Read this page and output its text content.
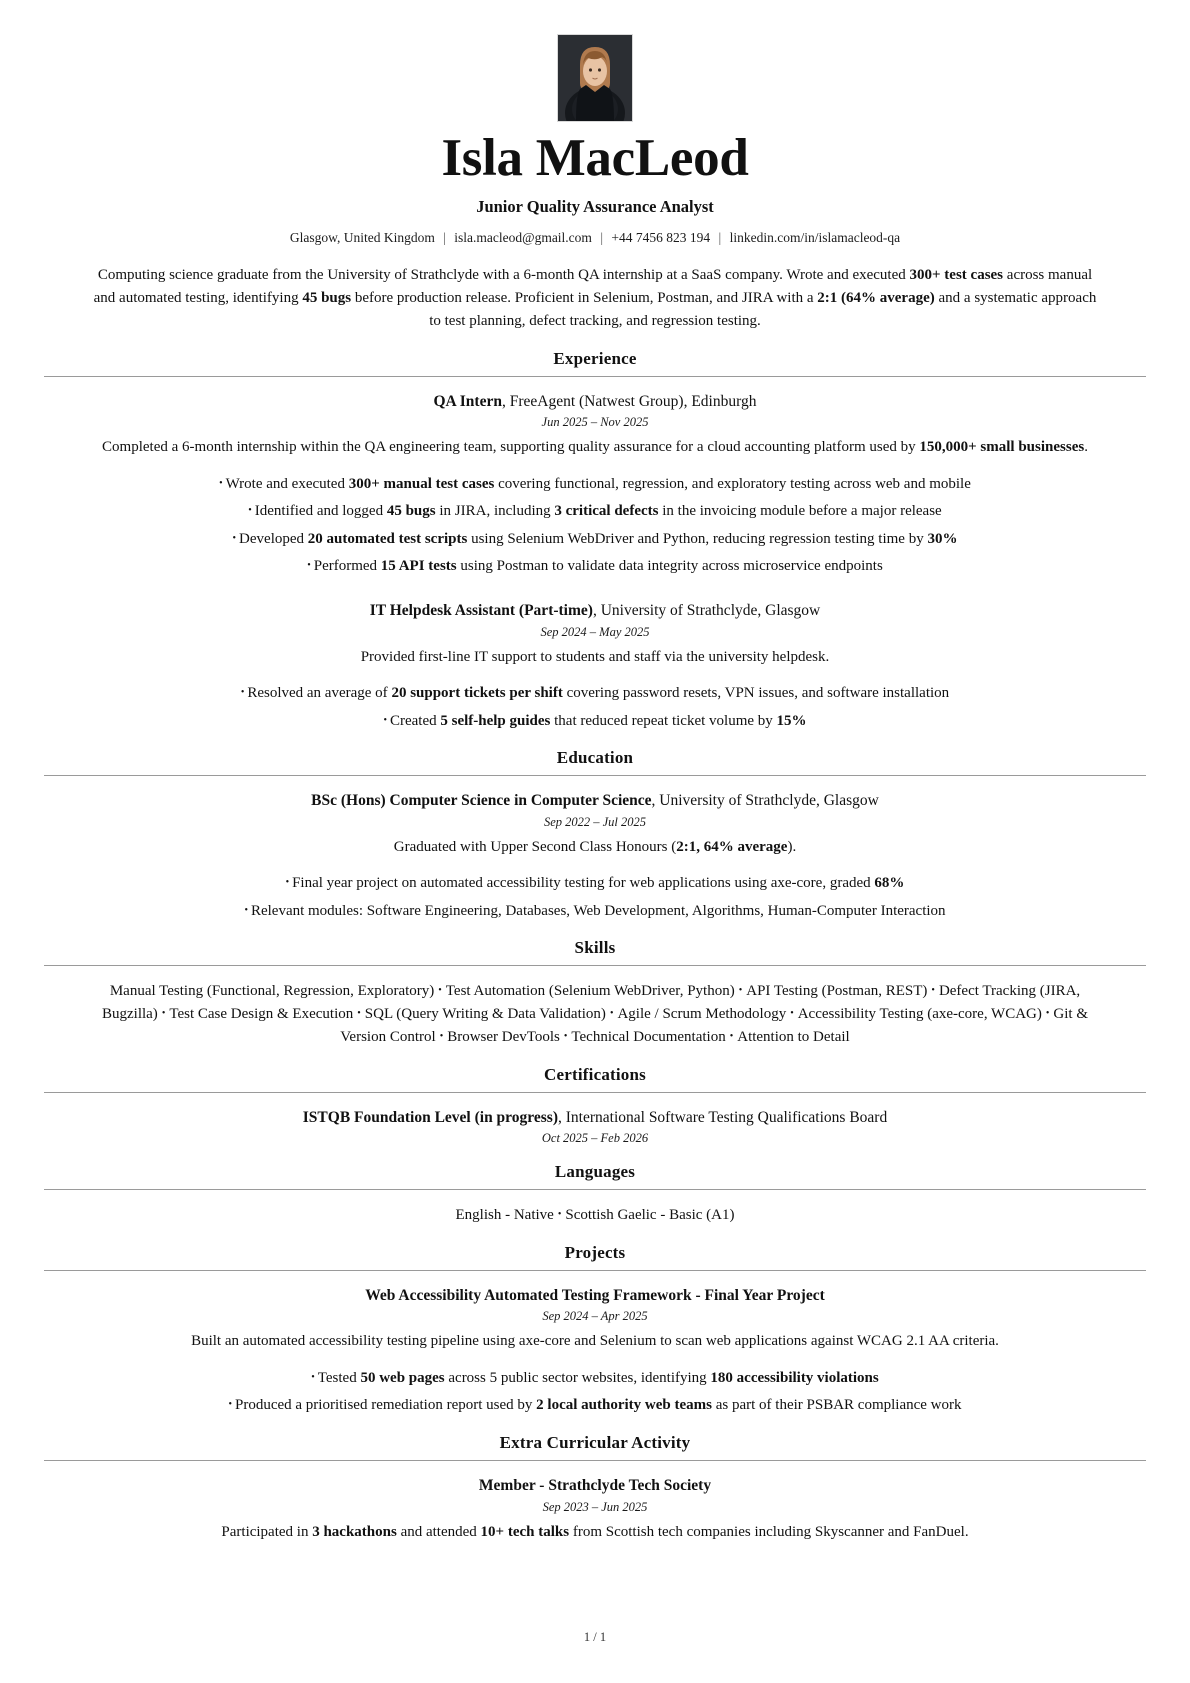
Isla MacLeod
Junior Quality Assurance Analyst
Glasgow, United Kingdom | isla.macleod@gmail.com | +44 7456 823 194 | linkedin.com/in/islamacleod-qa
Computing science graduate from the University of Strathclyde with a 6-month QA internship at a SaaS company. Wrote and executed 300+ test cases across manual and automated testing, identifying 45 bugs before production release. Proficient in Selenium, Postman, and JIRA with a 2:1 (64% average) and a systematic approach to test planning, defect tracking, and regression testing.
Experience
QA Intern, FreeAgent (Natwest Group), Edinburgh
Jun 2025 – Nov 2025
Completed a 6-month internship within the QA engineering team, supporting quality assurance for a cloud accounting platform used by 150,000+ small businesses.
• Wrote and executed 300+ manual test cases covering functional, regression, and exploratory testing across web and mobile
• Identified and logged 45 bugs in JIRA, including 3 critical defects in the invoicing module before a major release
• Developed 20 automated test scripts using Selenium WebDriver and Python, reducing regression testing time by 30%
• Performed 15 API tests using Postman to validate data integrity across microservice endpoints
IT Helpdesk Assistant (Part-time), University of Strathclyde, Glasgow
Sep 2024 – May 2025
Provided first-line IT support to students and staff via the university helpdesk.
• Resolved an average of 20 support tickets per shift covering password resets, VPN issues, and software installation
• Created 5 self-help guides that reduced repeat ticket volume by 15%
Education
BSc (Hons) Computer Science in Computer Science, University of Strathclyde, Glasgow
Sep 2022 – Jul 2025
Graduated with Upper Second Class Honours (2:1, 64% average).
• Final year project on automated accessibility testing for web applications using axe-core, graded 68%
• Relevant modules: Software Engineering, Databases, Web Development, Algorithms, Human-Computer Interaction
Skills
Manual Testing (Functional, Regression, Exploratory) • Test Automation (Selenium WebDriver, Python) • API Testing (Postman, REST) • Defect Tracking (JIRA, Bugzilla) • Test Case Design & Execution • SQL (Query Writing & Data Validation) • Agile / Scrum Methodology • Accessibility Testing (axe-core, WCAG) • Git & Version Control • Browser DevTools • Technical Documentation • Attention to Detail
Certifications
ISTQB Foundation Level (in progress), International Software Testing Qualifications Board
Oct 2025 – Feb 2026
Languages
English - Native • Scottish Gaelic - Basic (A1)
Projects
Web Accessibility Automated Testing Framework - Final Year Project
Sep 2024 – Apr 2025
Built an automated accessibility testing pipeline using axe-core and Selenium to scan web applications against WCAG 2.1 AA criteria.
• Tested 50 web pages across 5 public sector websites, identifying 180 accessibility violations
• Produced a prioritised remediation report used by 2 local authority web teams as part of their PSBAR compliance work
Extra Curricular Activity
Member - Strathclyde Tech Society
Sep 2023 – Jun 2025
Participated in 3 hackathons and attended 10+ tech talks from Scottish tech companies including Skyscanner and FanDuel.
1 / 1
